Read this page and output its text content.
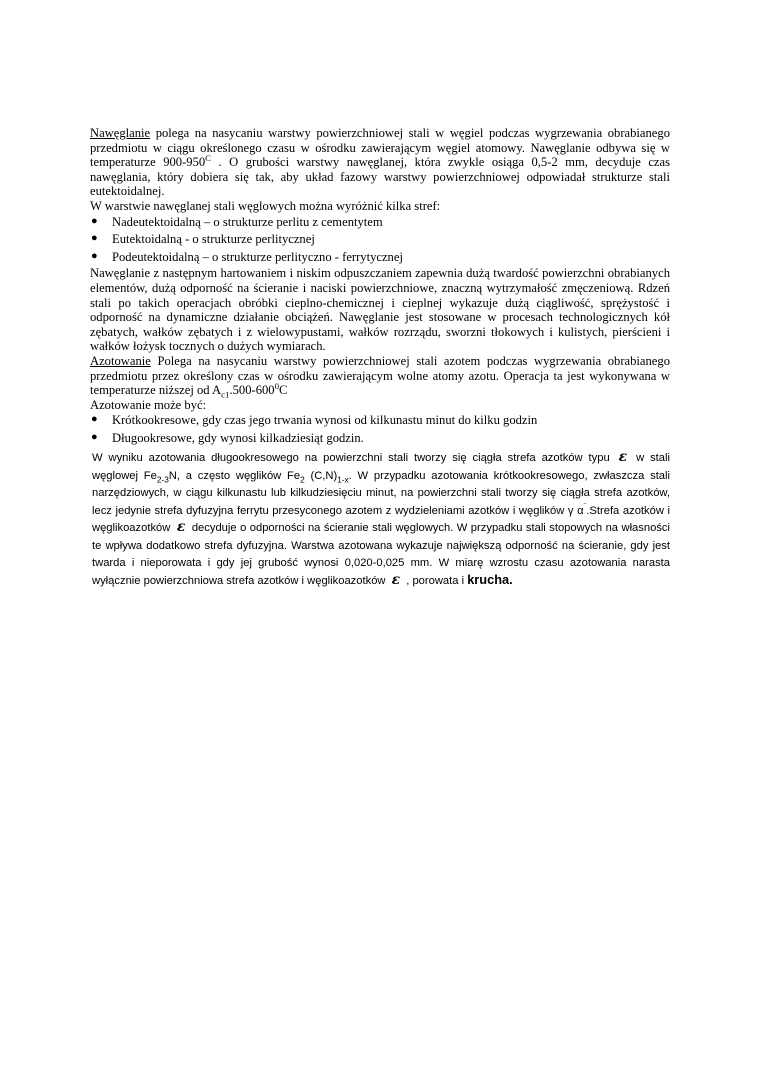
Nawęglanie polega na nasycaniu warstwy powierzchniowej stali w węgiel podczas wygrzewania obrabianego przedmiotu w ciągu określonego czasu w ośrodku zawierającym węgiel atomowy. Nawęglanie odbywa się w temperaturze $900-950^C$ . O grubości warstwy nawęglanej, która zwykle osiąga 0,5-2 mm, decyduje czas nawęglania, który dobiera się tak, aby układ fazowy warstwy powierzchniowej odpowiadał strukturze stali eutektoidalnej.

W warstwie nawęglanej stali węglowych można wyróżnić kilka stref:

● Nadeutektoidalną – o strukturze perlitu z cementytem
● Eutektoidalną - o strukturze perlitycznej
● Podeutektoidalną – o strukturze perlityczno - ferrytycznej

Nawęglanie z następnym hartowaniem i niskim odpuszczaniem zapewnia dużą twardość powierzchni obrabianych elementów, dużą odporność na ścieranie i naciski powierzchniowe, znaczną wytrzymałość zmęczeniową. Rdzeń stali po takich operacjach obróbki cieplno-chemicznej i cieplnej wykazuje dużą ciągliwość, sprężystość i odporność na dynamiczne działanie obciążeń. Nawęglanie jest stosowane w procesach technologicznych kół zębatych, wałków zębatych i z wielowypustami, wałków rozrządu, sworzni tłokowych i kulistych, pierścieni i wałków łożysk tocznych o dużych wymiarach.

Azotowanie Polega na nasycaniu warstwy powierzchniowej stali azotem podczas wygrzewania obrabianego przedmiotu przez określony czas w ośrodku zawierającym wolne atomy azotu. Operacja ta jest wykonywana w temperaturze niższej od $A_{c1}.500-600^0C$

Azotowanie może być:

● Krótkookresowe, gdy czas jego trwania wynosi od kilkunastu minut do kilku godzin
● Długookresowe, gdy wynosi kilkadziesiąt godzin.

W wyniku azotowania długookresowego na powierzchni stali tworzy się ciągła strefa azotków typu ε w stali węglowej $Fe_{2-3}N$, a często węglików $Fe_2$ $(C,N)_{1-x}$. W przypadku azotowania krótkookresowego, zwłaszcza stali narzędziowych, w ciągu kilkunastu lub kilkudziesięciu minut, na powierzchni stali tworzy się ciągła strefa azotków, lecz jedynie strefa dyfuzyjna ferrytu przesyconego azotem z wydzieleniami azotków i węglików γ α¨.Strefa azotków i węglikoazotków ε decyduje o odporności na ścieranie stali węglowych. W przypadku stali stopowych na własności te wpływa dodatkowo strefa dyfuzyjna. Warstwa azotowana wykazuje największą odporność na ścieranie, gdy jest twarda i nieporowata i gdy jej grubość wynosi 0,020-0,025 mm. W miarę wzrostu czasu azotowania narasta wyłącznie powierzchniowa strefa azotków i węglikoazotków ε , porowata i krucha.
